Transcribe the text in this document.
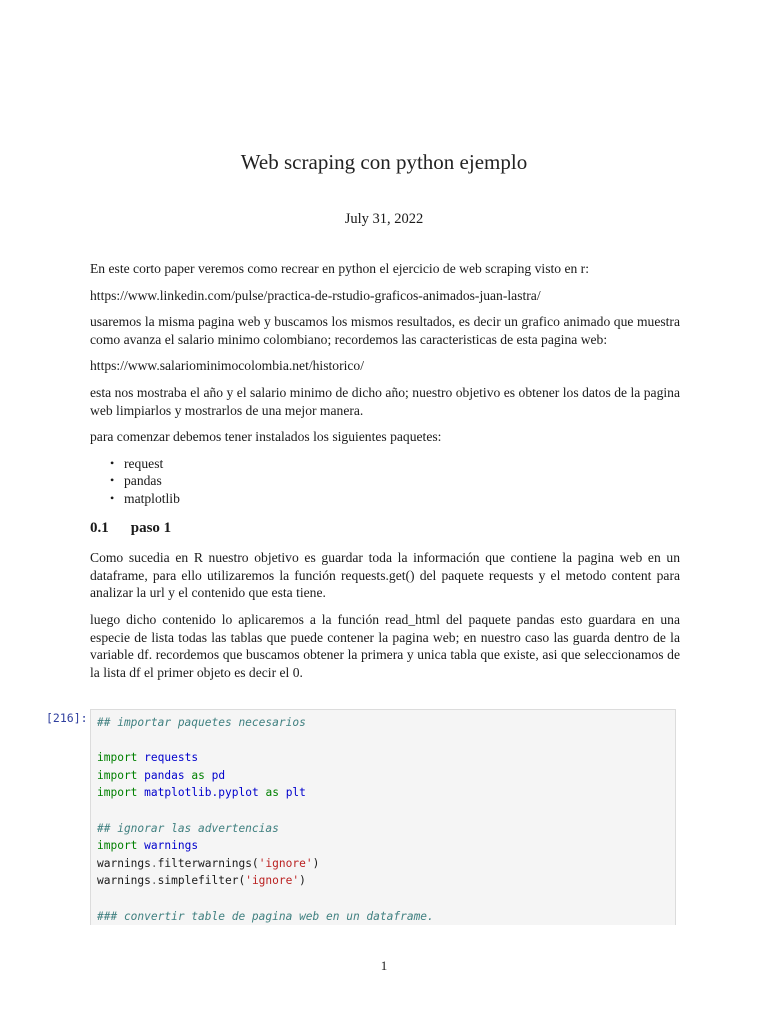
Web scraping con python ejemplo
July 31, 2022

En este corto paper veremos como recrear en python el ejercicio de web scraping visto en r:

https://www.linkedin.com/pulse/practica-de-rstudio-graficos-animados-juan-lastra/

usaremos la misma pagina web y buscamos los mismos resultados, es decir un grafico animado que muestra como avanza el salario minimo colombiano; recordemos las caracteristicas de esta pagina web:

https://www.salariominimocolombia.net/historico/

esta nos mostraba el año y el salario minimo de dicho año; nuestro objetivo es obtener los datos de la pagina web limpiarlos y mostrarlos de una mejor manera.

para comenzar debemos tener instalados los siguientes paquetes:

• request
• pandas
• matplotlib
0.1 paso 1

Como sucedia en R nuestro objetivo es guardar toda la información que contiene la pagina web en un dataframe, para ello utilizaremos la función requests.get() del paquete requests y el metodo content para analizar la url y el contenido que esta tiene.

luego dicho contenido lo aplicaremos a la función read_html del paquete pandas esto guardara en una especie de lista todas las tablas que puede contener la pagina web; en nuestro caso las guarda dentro de la variable df. recordemos que buscamos obtener la primera y unica tabla que existe, asi que seleccionamos de la lista df el primer objeto es decir el 0.

[216]: ## importar paquetes necesarios
import requests
import pandas as pd
import matplotlib.pyplot as plt
## ignorar las advertencias
import warnings
warnings.filterwarnings('ignore')
warnings.simplefilter('ignore')
### convertir table de pagina web en un dataframe.
1
